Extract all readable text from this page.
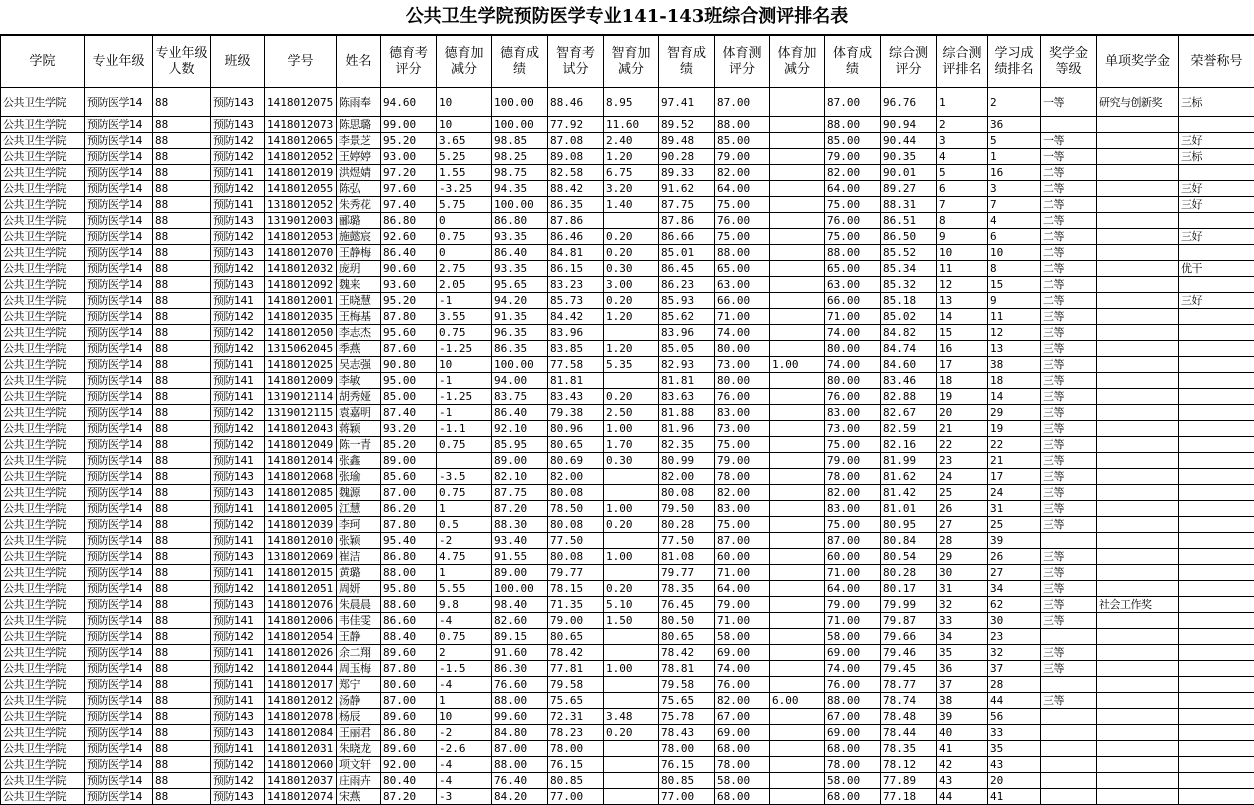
公共卫生学院预防医学专业141-143班综合测评排名表
学院	专业年级	专业年级人数	班级	学号	姓名	德育考评分	德育加减分	德育成绩	智育考试分	智育加减分	智育成绩	体育测评分	体育加减分	体育成绩	综合测评分	综合测评排名	学习成绩排名	奖学金等级	单项奖学金	荣誉称号
公共卫生学院	预防医学14	88	预防143	1418012075	陈雨奉	94.60	10	100.00	88.46	8.95	97.41	87.00		87.00	96.76	1	2	一等	研究与创新奖	三标
公共卫生学院	预防医学14	88	预防143	1418012073	陈思璐	99.00	10	100.00	77.92	11.60	89.52	88.00		88.00	90.94	2	36			
公共卫生学院	预防医学14	88	预防142	1418012065	李景芝	95.20	3.65	98.85	87.08	2.40	89.48	85.00		85.00	90.44	3	5	一等		三好
公共卫生学院	预防医学14	88	预防142	1418012052	王婷婷	93.00	5.25	98.25	89.08	1.20	90.28	79.00		79.00	90.35	4	1	一等		三标
公共卫生学院	预防医学14	88	预防141	1418012019	洪煜婧	97.20	1.55	98.75	82.58	6.75	89.33	82.00		82.00	90.01	5	16	二等		
公共卫生学院	预防医学14	88	预防142	1418012055	陈弘	97.60	-3.25	94.35	88.42	3.20	91.62	64.00		64.00	89.27	6	3	二等		三好
公共卫生学院	预防医学14	88	预防141	1318012052	朱秀花	97.40	5.75	100.00	86.35	1.40	87.75	75.00		75.00	88.31	7	7	二等		三好
公共卫生学院	预防医学14	88	预防143	1319012003	郦璐	86.80	0	86.80	87.86		87.86	76.00		76.00	86.51	8	4	二等		
公共卫生学院	预防医学14	88	预防142	1418012053	施懿宸	92.60	0.75	93.35	86.46	0.20	86.66	75.00		75.00	86.50	9	6	二等		三好
公共卫生学院	预防医学14	88	预防143	1418012070	王静梅	86.40	0	86.40	84.81	0.20	85.01	88.00		88.00	85.52	10	10	二等		
公共卫生学院	预防医学14	88	预防142	1418012032	庞玥	90.60	2.75	93.35	86.15	0.30	86.45	65.00		65.00	85.34	11	8	二等		优干
公共卫生学院	预防医学14	88	预防143	1418012092	魏来	93.60	2.05	95.65	83.23	3.00	86.23	63.00		63.00	85.32	12	15	二等		
公共卫生学院	预防医学14	88	预防141	1418012001	王晓慧	95.20	-1	94.20	85.73	0.20	85.93	66.00		66.00	85.18	13	9	二等		三好
公共卫生学院	预防医学14	88	预防142	1418012035	王梅基	87.80	3.55	91.35	84.42	1.20	85.62	71.00		71.00	85.02	14	11	三等		
公共卫生学院	预防医学14	88	预防142	1418012050	李志杰	95.60	0.75	96.35	83.96		83.96	74.00		74.00	84.82	15	12	三等		
公共卫生学院	预防医学14	88	预防142	1315062045	季燕	87.60	-1.25	86.35	83.85	1.20	85.05	80.00		80.00	84.74	16	13	三等		
公共卫生学院	预防医学14	88	预防141	1418012025	吴志强	90.80	10	100.00	77.58	5.35	82.93	73.00	1.00	74.00	84.60	17	38	三等		
公共卫生学院	预防医学14	88	预防141	1418012009	李敏	95.00	-1	94.00	81.81		81.81	80.00		80.00	83.46	18	18	三等		
公共卫生学院	预防医学14	88	预防141	1319012114	胡秀娅	85.00	-1.25	83.75	83.43	0.20	83.63	76.00		76.00	82.88	19	14	三等		
公共卫生学院	预防医学14	88	预防142	1319012115	袁嘉明	87.40	-1	86.40	79.38	2.50	81.88	83.00		83.00	82.67	20	29	三等		
公共卫生学院	预防医学14	88	预防142	1418012043	蒋颖	93.20	-1.1	92.10	80.96	1.00	81.96	73.00		73.00	82.59	21	19	三等		
公共卫生学院	预防医学14	88	预防142	1418012049	陈一青	85.20	0.75	85.95	80.65	1.70	82.35	75.00		75.00	82.16	22	22	三等		
公共卫生学院	预防医学14	88	预防141	1418012014	张鑫	89.00		89.00	80.69	0.30	80.99	79.00		79.00	81.99	23	21	三等		
公共卫生学院	预防医学14	88	预防143	1418012068	张瑜	85.60	-3.5	82.10	82.00		82.00	78.00		78.00	81.62	24	17	三等		
公共卫生学院	预防医学14	88	预防143	1418012085	魏源	87.00	0.75	87.75	80.08		80.08	82.00		82.00	81.42	25	24	三等		
公共卫生学院	预防医学14	88	预防141	1418012005	江慧	86.20	1	87.20	78.50	1.00	79.50	83.00		83.00	81.01	26	31	三等		
公共卫生学院	预防医学14	88	预防142	1418012039	李珂	87.80	0.5	88.30	80.08	0.20	80.28	75.00		75.00	80.95	27	25	三等		
公共卫生学院	预防医学14	88	预防141	1418012010	张颖	95.40	-2	93.40	77.50		77.50	87.00		87.00	80.84	28	39			
公共卫生学院	预防医学14	88	预防143	1318012069	崔洁	86.80	4.75	91.55	80.08	1.00	81.08	60.00		60.00	80.54	29	26	三等		
公共卫生学院	预防医学14	88	预防141	1418012015	黄璐	88.00	1	89.00	79.77		79.77	71.00		71.00	80.28	30	27	三等		
公共卫生学院	预防医学14	88	预防142	1418012051	周妍	95.80	5.55	100.00	78.15	0.20	78.35	64.00		64.00	80.17	31	34	三等		
公共卫生学院	预防医学14	88	预防143	1418012076	朱晨晨	88.60	9.8	98.40	71.35	5.10	76.45	79.00		79.00	79.99	32	62	三等	社会工作奖	
公共卫生学院	预防医学14	88	预防141	1418012006	韦佳雯	86.60	-4	82.60	79.00	1.50	80.50	71.00		71.00	79.87	33	30	三等		
公共卫生学院	预防医学14	88	预防142	1418012054	王静	88.40	0.75	89.15	80.65		80.65	58.00		58.00	79.66	34	23			
公共卫生学院	预防医学14	88	预防141	1418012026	余二翔	89.60	2	91.60	78.42		78.42	69.00		69.00	79.46	35	32	三等		
公共卫生学院	预防医学14	88	预防142	1418012044	周玉梅	87.80	-1.5	86.30	77.81	1.00	78.81	74.00		74.00	79.45	36	37	三等		
公共卫生学院	预防医学14	88	预防141	1418012017	郑宁	80.60	-4	76.60	79.58		79.58	76.00		76.00	78.77	37	28			
公共卫生学院	预防医学14	88	预防141	1418012012	汤静	87.00	1	88.00	75.65		75.65	82.00	6.00	88.00	78.74	38	44	三等		
公共卫生学院	预防医学14	88	预防143	1418012078	杨辰	89.60	10	99.60	72.31	3.48	75.78	67.00		67.00	78.48	39	56			
公共卫生学院	预防医学14	88	预防143	1418012084	王丽君	86.80	-2	84.80	78.23	0.20	78.43	69.00		69.00	78.44	40	33			
公共卫生学院	预防医学14	88	预防141	1418012031	朱晓龙	89.60	-2.6	87.00	78.00		78.00	68.00		68.00	78.35	41	35			
公共卫生学院	预防医学14	88	预防142	1418012060	项文轩	92.00	-4	88.00	76.15		76.15	78.00		78.00	78.12	42	43			
公共卫生学院	预防医学14	88	预防142	1418012037	庄雨卉	80.40	-4	76.40	80.85		80.85	58.00		58.00	77.89	43	20			
公共卫生学院	预防医学14	88	预防143	1418012074	宋燕	87.20	-3	84.20	77.00		77.00	68.00		68.00	77.18	44	41			
